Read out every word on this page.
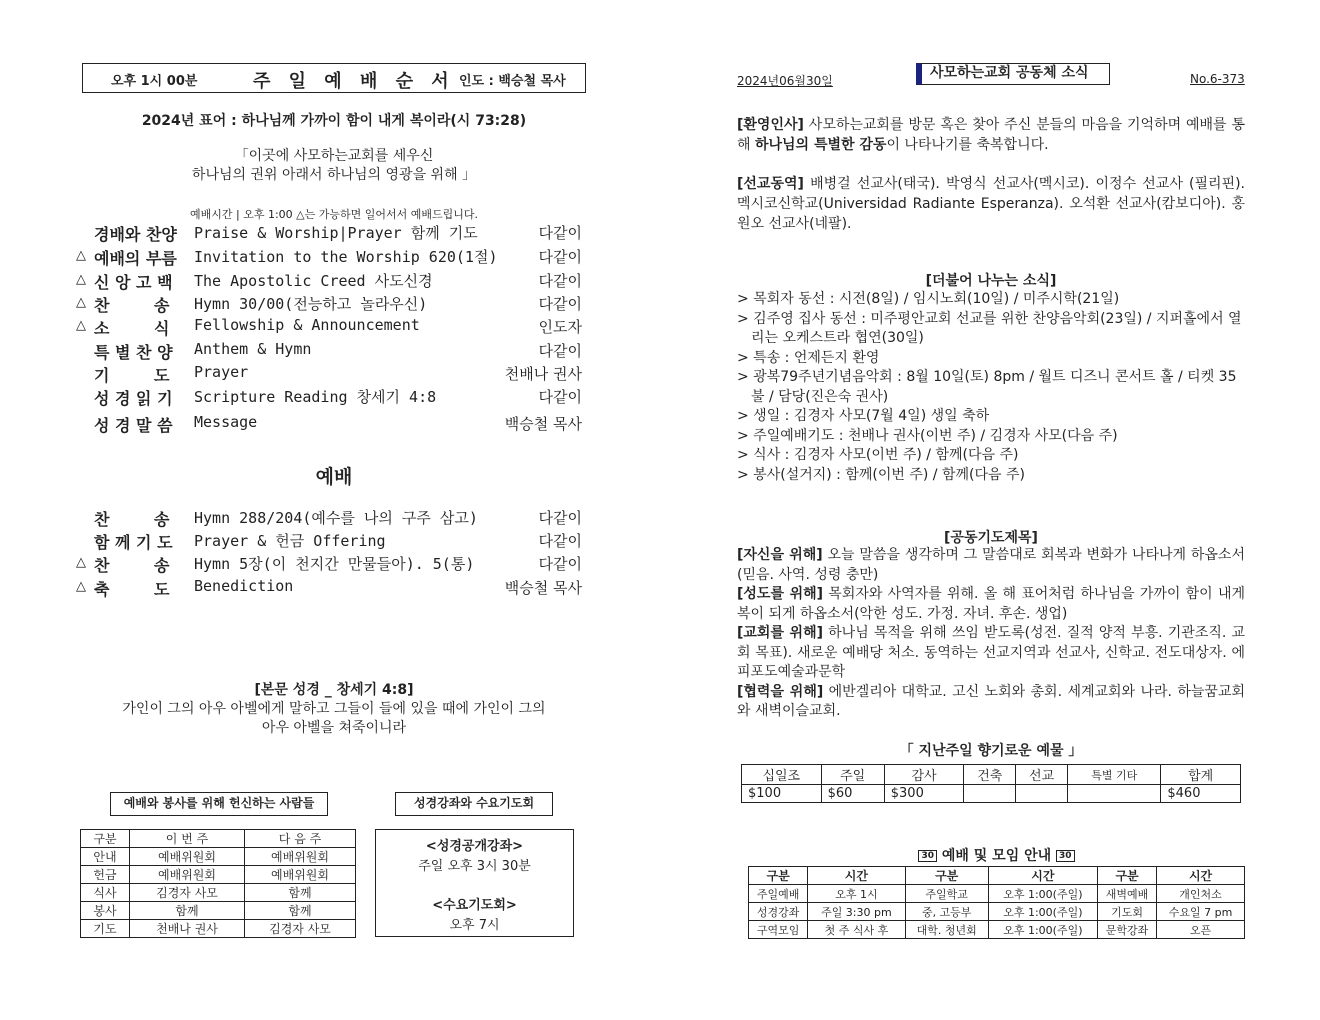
오후 1시 00분	주 일 예 배 순 서 인도 : 백승철 목사
2024년 표어 : 하나님께 가까이 함이 내게 복이라(시 73:28)
「이곳에 사모하는교회를 세우신
하나님의 권위 아래서 하나님의 영광을 위해 」
예배시간 | 오후 1:00 △는 가능하면 일어서서 예배드립니다.
경배와 찬양	Praise & Worship|Prayer 함께 기도	다같이
△ 예배의 부름	Invitation to the Worship 620(1절)	다같이
△ 신 앙 고 백	The Apostolic Creed 사도신경	다같이
△ 찬        송	Hymn 30/00(전능하고 놀라우신)	다같이
△ 소        식	Fellowship & Announcement	인도자
특 별 찬 양	Anthem & Hymn	다같이
기        도	Prayer	천배나 권사
성 경 읽 기	Scripture Reading 창세기 4:8	다같이
성 경 말 씀	Message	백승철 목사
예배
찬        송	Hymn 288/204(예수를 나의 구주 삼고)	다같이
함 께 기 도	Prayer & 헌금 Offering	다같이
△ 찬        송	Hymn 5장(이 천지간 만물들아). 5(통)	다같이
△ 축        도	Benediction	백승철 목사
[본문 성경 _ 창세기 4:8]
가인이 그의 아우 아벨에게 말하고 그들이 들에 있을 때에 가인이 그의
아우 아벨을 쳐죽이니라
예배와 봉사를 위해 헌신하는 사람들	성경강좌와 수요기도회
구분	이 번 주	다 음 주
안내	예배위원회	예배위원회
헌금	예배위원회	예배위원회
식사	김경자 사모	함께
봉사	함께	함께
기도	천배나 권사	김경자 사모
<성경공개강좌>
주일 오후 3시 30분
<수요기도회>
오후 7시
2024년06월30일	사모하는교회 공동체 소식	No.6-373
[환영인사] 사모하는교회를 방문 혹은 찾아 주신 분들의 마음을 기억하며 예배를 통해 하나님의 특별한 감동이 나타나기를 축복합니다.
[선교동역] 배병걸 선교사(태국). 박영식 선교사(멕시코). 이정수 선교사 (필리핀). 멕시코신학교(Universidad Radiante Esperanza). 오석환 선교사(캄보디아). 홍원오 선교사(네팔).
[더불어 나누는 소식]
> 목회자 동선 : 시전(8일) / 임시노회(10일) / 미주시학(21일)
> 김주영 집사 동선 : 미주평안교회 선교를 위한 찬양음악회(23일) / 지퍼홀에서 열리는 오케스트라 협연(30일)
> 특송 : 언제든지 환영
> 광복79주년기념음악회 : 8월 10일(토) 8pm / 월트 디즈니 콘서트 홀 / 티켓 35불 / 담당(진은숙 권사)
> 생일 : 김경자 사모(7월 4일) 생일 축하
> 주일예배기도 : 천배나 권사(이번 주) / 김경자 사모(다음 주)
> 식사 : 김경자 사모(이번 주) / 함께(다음 주)
> 봉사(설거지) : 함께(이번 주) / 함께(다음 주)
[공동기도제목]
[자신을 위해] 오늘 말씀을 생각하며 그 말씀대로 회복과 변화가 나타나게 하옵소서(믿음. 사역. 성령 충만)
[성도를 위해] 목회자와 사역자를 위해. 올 해 표어처럼 하나님을 가까이 함이 내게 복이 되게 하옵소서(악한 성도. 가정. 자녀. 후손. 생업)
[교회를 위해] 하나님 목적을 위해 쓰임 받도록(성전. 질적 양적 부흥. 기관조직. 교회 목표). 새로운 예배당 처소. 동역하는 선교지역과 선교사, 신학교. 전도대상자. 에피포도예술과문학
[협력을 위해] 에반겔리아 대학교. 고신 노회와 총회. 세계교회와 나라. 하늘꿈교회와 새벽이슬교회.
「 지난주일 향기로운 예물 」
십일조	주일	감사	건축	선교	특별 기타	합계
$100	$60	$300				$460
30 예배 및 모임 안내 30
구분	시간	구분	시간	구분	시간
주일예배	오후 1시	주일학교	오후 1:00(주일)	새벽예배	개인처소
성경강좌	주일 3:30 pm	중, 고등부	오후 1:00(주일)	기도회	수요일 7 pm
구역모임	첫 주 식사 후	대학. 청년회	오후 1:00(주일)	문학강좌	오픈
